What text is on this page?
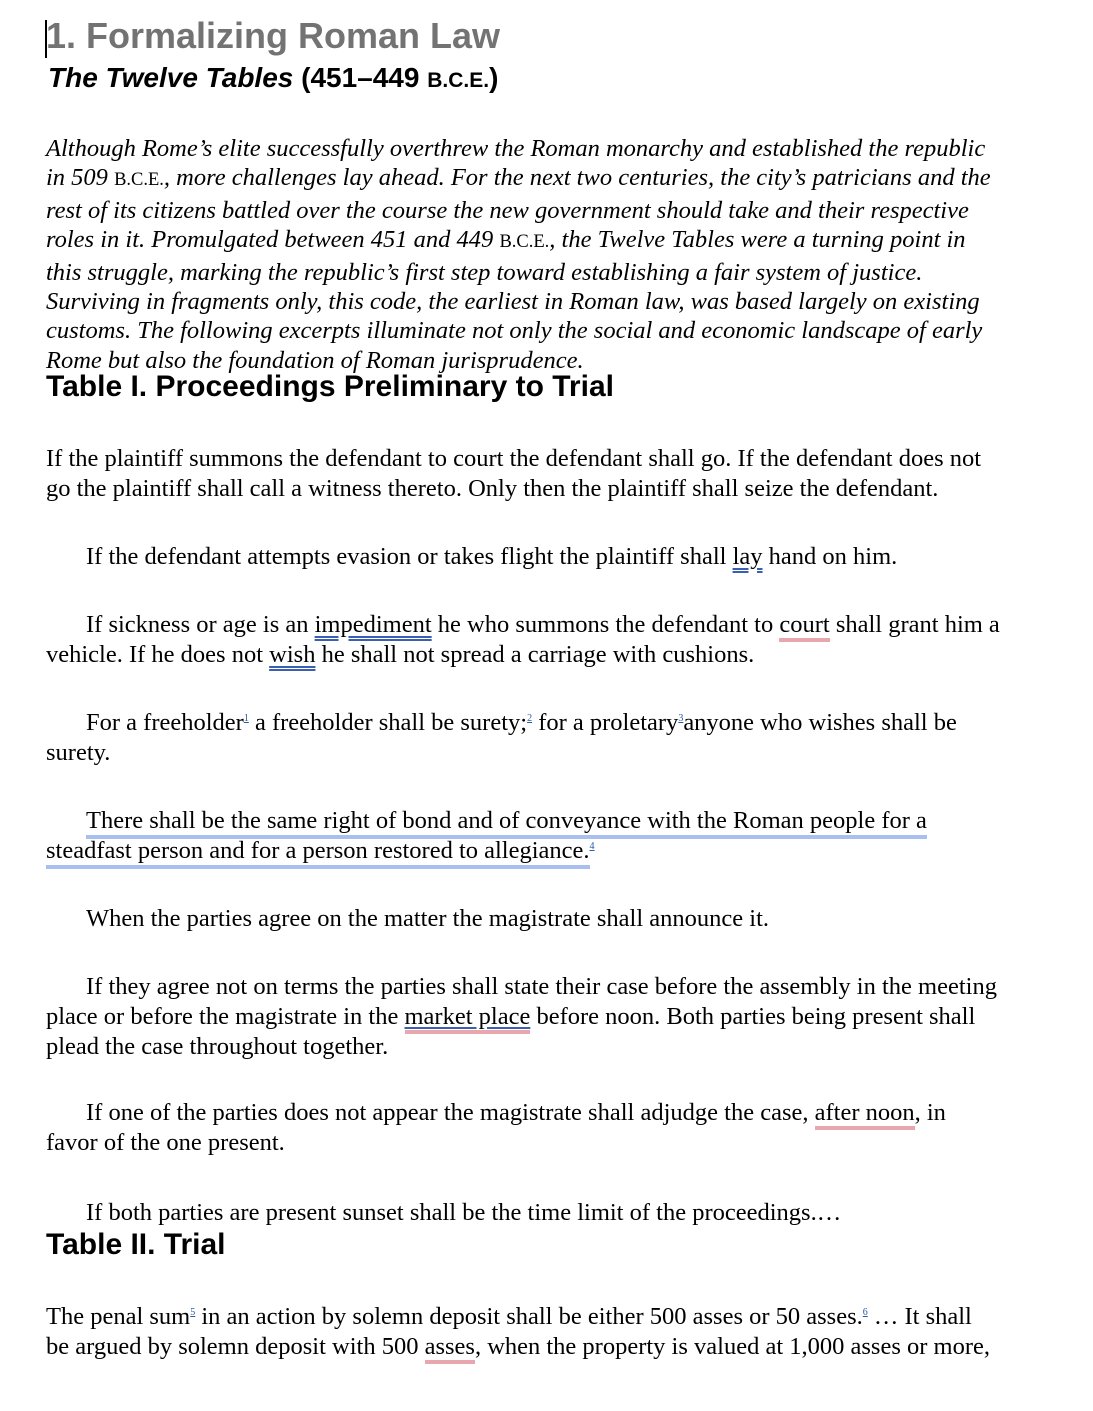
1. Formalizing Roman Law
The Twelve Tables (451–449 B.C.E.)
Although Rome’s elite successfully overthrew the Roman monarchy and established the republic
in 509 B.C.E., more challenges lay ahead. For the next two centuries, the city’s patricians and the
rest of its citizens battled over the course the new government should take and their respective
roles in it. Promulgated between 451 and 449 B.C.E., the Twelve Tables were a turning point in
this struggle, marking the republic’s first step toward establishing a fair system of justice.
Surviving in fragments only, this code, the earliest in Roman law, was based largely on existing
customs. The following excerpts illuminate not only the social and economic landscape of early
Rome but also the foundation of Roman jurisprudence.
Table I. Proceedings Preliminary to Trial
If the plaintiff summons the defendant to court the defendant shall go. If the defendant does not
go the plaintiff shall call a witness thereto. Only then the plaintiff shall seize the defendant.
If the defendant attempts evasion or takes flight the plaintiff shall lay hand on him.
If sickness or age is an impediment he who summons the defendant to court shall grant him a
vehicle. If he does not wish he shall not spread a carriage with cushions.
For a freeholder$^1$ a freeholder shall be surety;$^2$ for a proletary$^3$anyone who wishes shall be
surety.
There shall be the same right of bond and of conveyance with the Roman people for a
steadfast person and for a person restored to allegiance.$^4$
When the parties agree on the matter the magistrate shall announce it.
If they agree not on terms the parties shall state their case before the assembly in the meeting
place or before the magistrate in the market place before noon. Both parties being present shall
plead the case throughout together.
If one of the parties does not appear the magistrate shall adjudge the case, after noon, in
favor of the one present.
If both parties are present sunset shall be the time limit of the proceedings.…
Table II. Trial
The penal sum$^5$ in an action by solemn deposit shall be either 500 asses or 50 asses.$^6$ … It shall
be argued by solemn deposit with 500 asses, when the property is valued at 1,000 asses or more,
